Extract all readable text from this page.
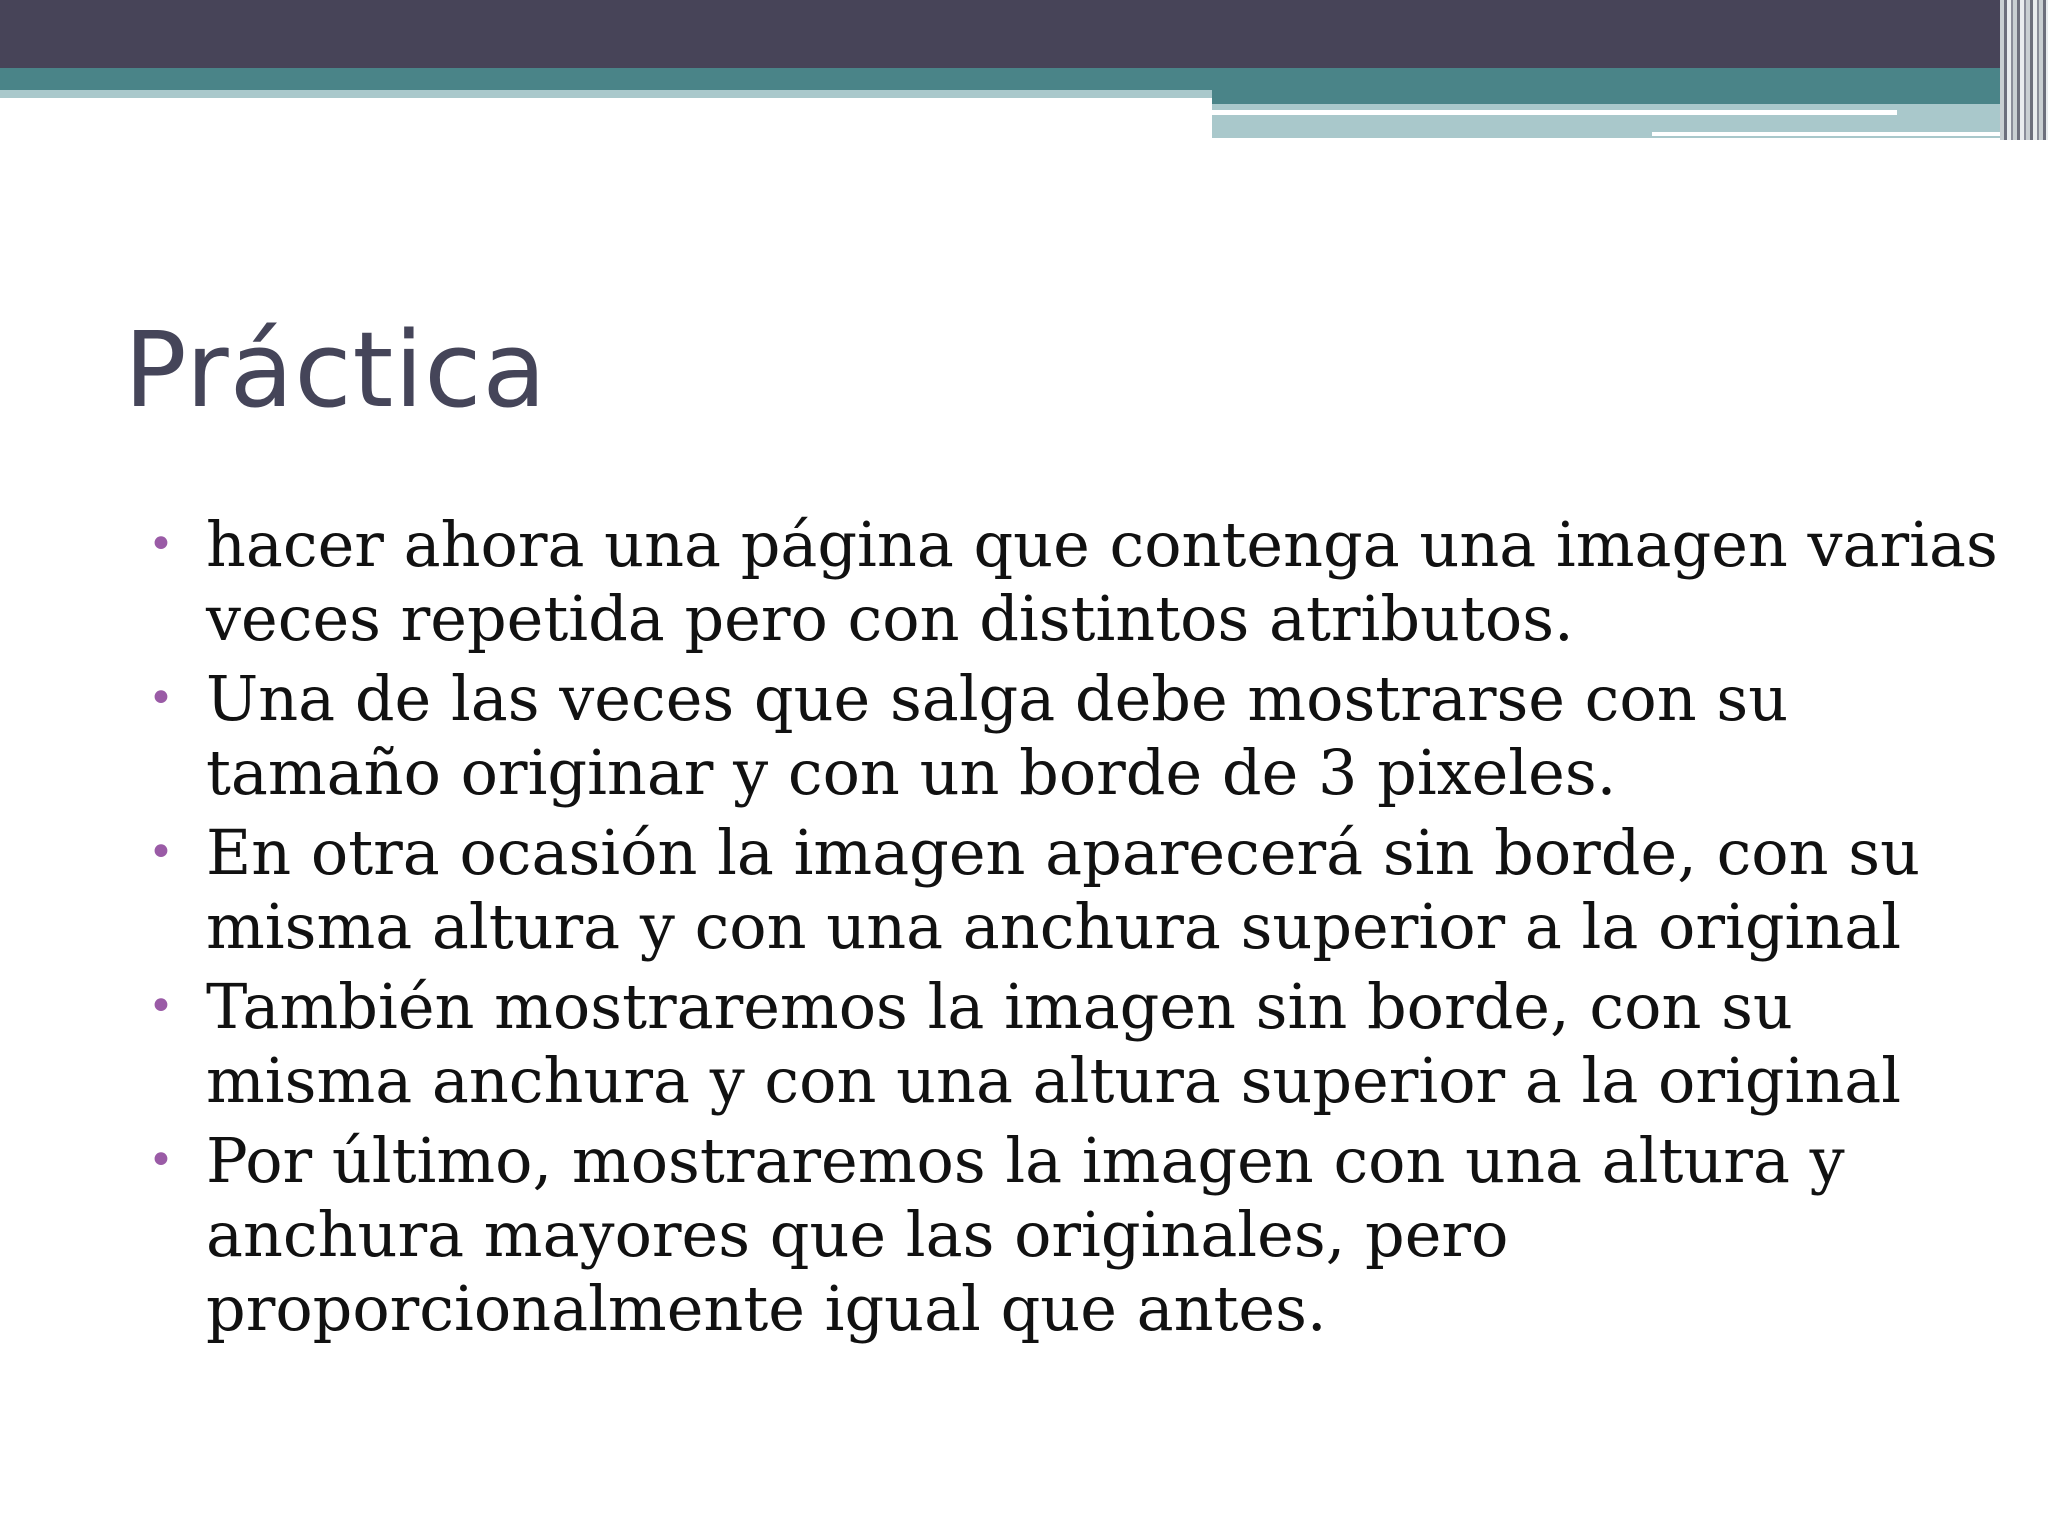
Práctica
• hacer ahora una página que contenga una imagen varias veces repetida pero con distintos atributos.
• Una de las veces que salga debe mostrarse con su tamaño originar y con un borde de 3 pixeles.
• En otra ocasión la imagen aparecerá sin borde, con su misma altura y con una anchura superior a la original
• También mostraremos la imagen sin borde, con su misma anchura y con una altura superior a la original
• Por último, mostraremos la imagen con una altura y anchura mayores que las originales, pero proporcionalmente igual que antes.
